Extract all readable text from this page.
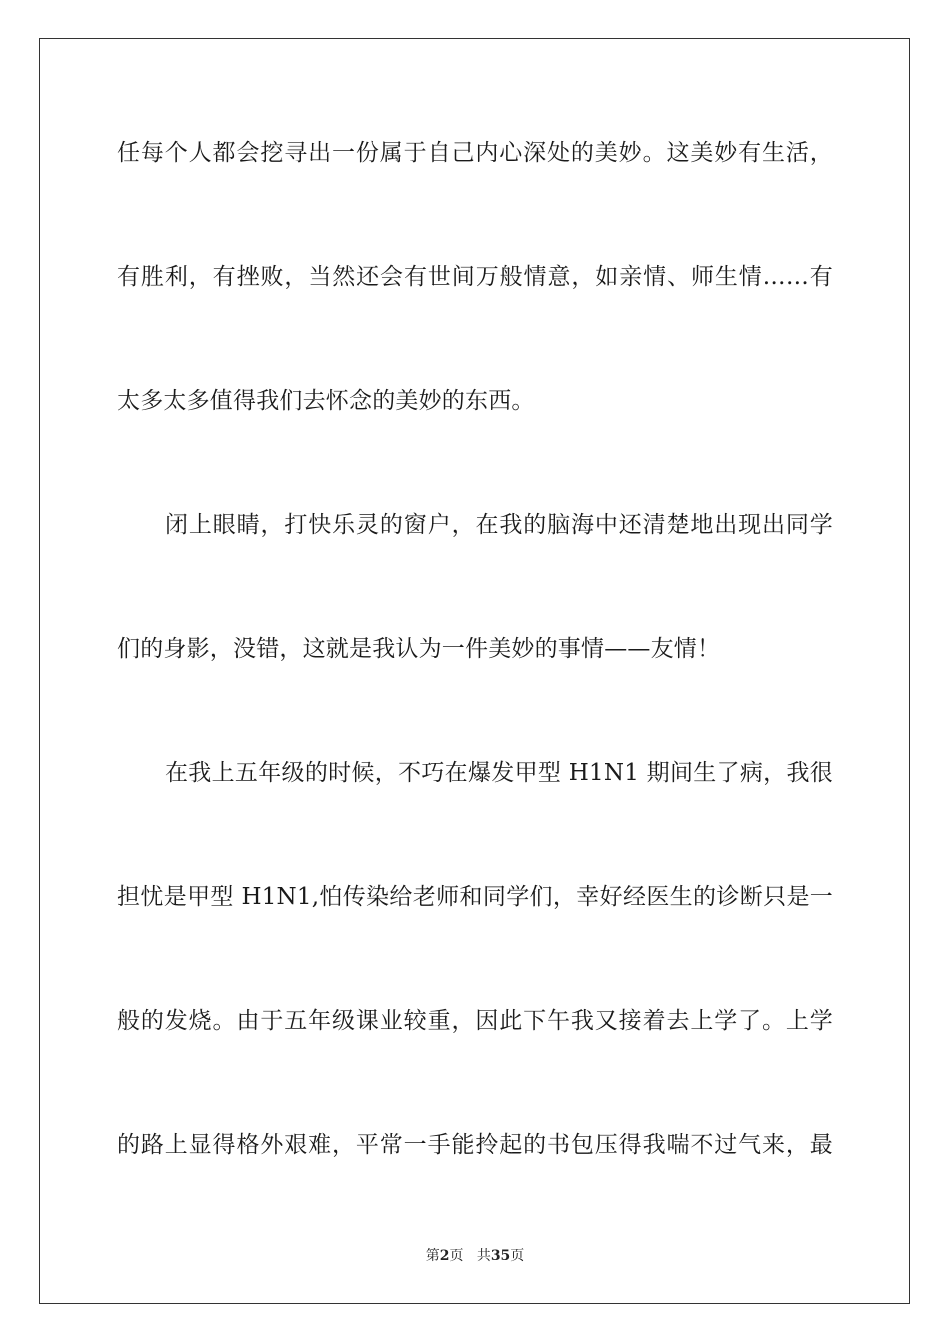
任每个人都会挖寻出一份属于自己内心深处的美妙。这美妙有生活，
有胜利，有挫败，当然还会有世间万般情意，如亲情、师生情……有
太多太多值得我们去怀念的美妙的东西。
闭上眼睛，打快乐灵的窗户，在我的脑海中还清楚地出现出同学
们的身影，没错，这就是我认为一件美妙的事情——友情！
在我上五年级的时候，不巧在爆发甲型 H1N1 期间生了病，我很
担忧是甲型 H1N1,怕传染给老师和同学们，幸好经医生的诊断只是一
般的发烧。由于五年级课业较重，因此下午我又接着去上学了。上学
的路上显得格外艰难，平常一手能拎起的书包压得我喘不过气来，最
第2页 共35页
